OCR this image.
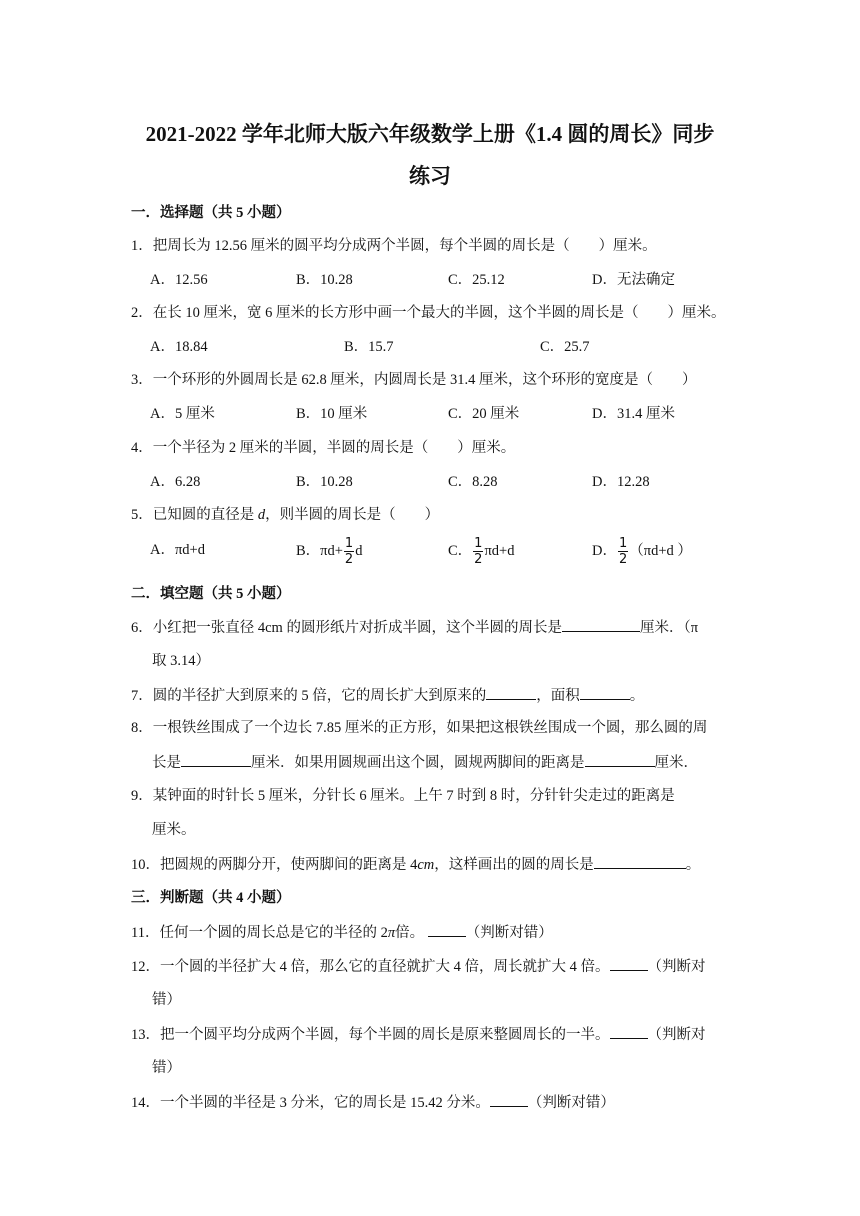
2021-2022 学年北师大版六年级数学上册《1.4 圆的周长》同步
练习
一．选择题（共 5 小题）
1．把周长为 12.56 厘米的圆平均分成两个半圆，每个半圆的周长是（　　）厘米。
A．12.56	B．10.28	C．25.12	D．无法确定
2．在长 10 厘米，宽 6 厘米的长方形中画一个最大的半圆，这个半圆的周长是（　　）厘米。
A．18.84	B．15.7	C．25.7
3．一个环形的外圆周长是 62.8 厘米，内圆周长是 31.4 厘米，这个环形的宽度是（　　）
A．5 厘米	B．10 厘米	C．20 厘米	D．31.4 厘米
4．一个半径为 2 厘米的半圆，半圆的周长是（　　）厘米。
A．6.28	B．10.28	C．8.28	D．12.28
5．已知圆的直径是 d，则半圆的周长是（　　）
A．πd+d	B．$\pi d+ \frac{1}{2}$ d	C． $\frac{1}{2} \pi d+d$	D． $\frac{1}{2} (\pi d+d$ ）
二．填空题（共 5 小题）
6．小红把一张直径 4cm 的圆形纸片对折成半圆，这个半圆的周长是	厘米．（π
取 3.14）
7．圆的半径扩大到原来的 5 倍，它的周长扩大到原来的	，面积	。
8．一根铁丝围成了一个边长 7.85 厘米的正方形，如果把这根铁丝围成一个圆，那么圆的周
长是	厘米．如果用圆规画出这个圆，圆规两脚间的距离是	厘米．
9．某钟面的时针长 5 厘米，分针长 6 厘米。上午 7 时到 8 时，分针针尖走过的距离是
厘米。
10．把圆规的两脚分开，使两脚间的距离是 4cm，这样画出的圆的周长是	。
三．判断题（共 4 小题）
11．任何一个圆的周长总是它的半径的 2π倍。	（判断对错）
12．一个圆的半径扩大 4 倍，那么它的直径就扩大 4 倍，周长就扩大 4 倍。	（判断对
错）
13．把一个圆平均分成两个半圆，每个半圆的周长是原来整圆周长的一半。	（判断对
错）
14．一个半圆的半径是 3 分米，它的周长是 15.42 分米。	（判断对错）
